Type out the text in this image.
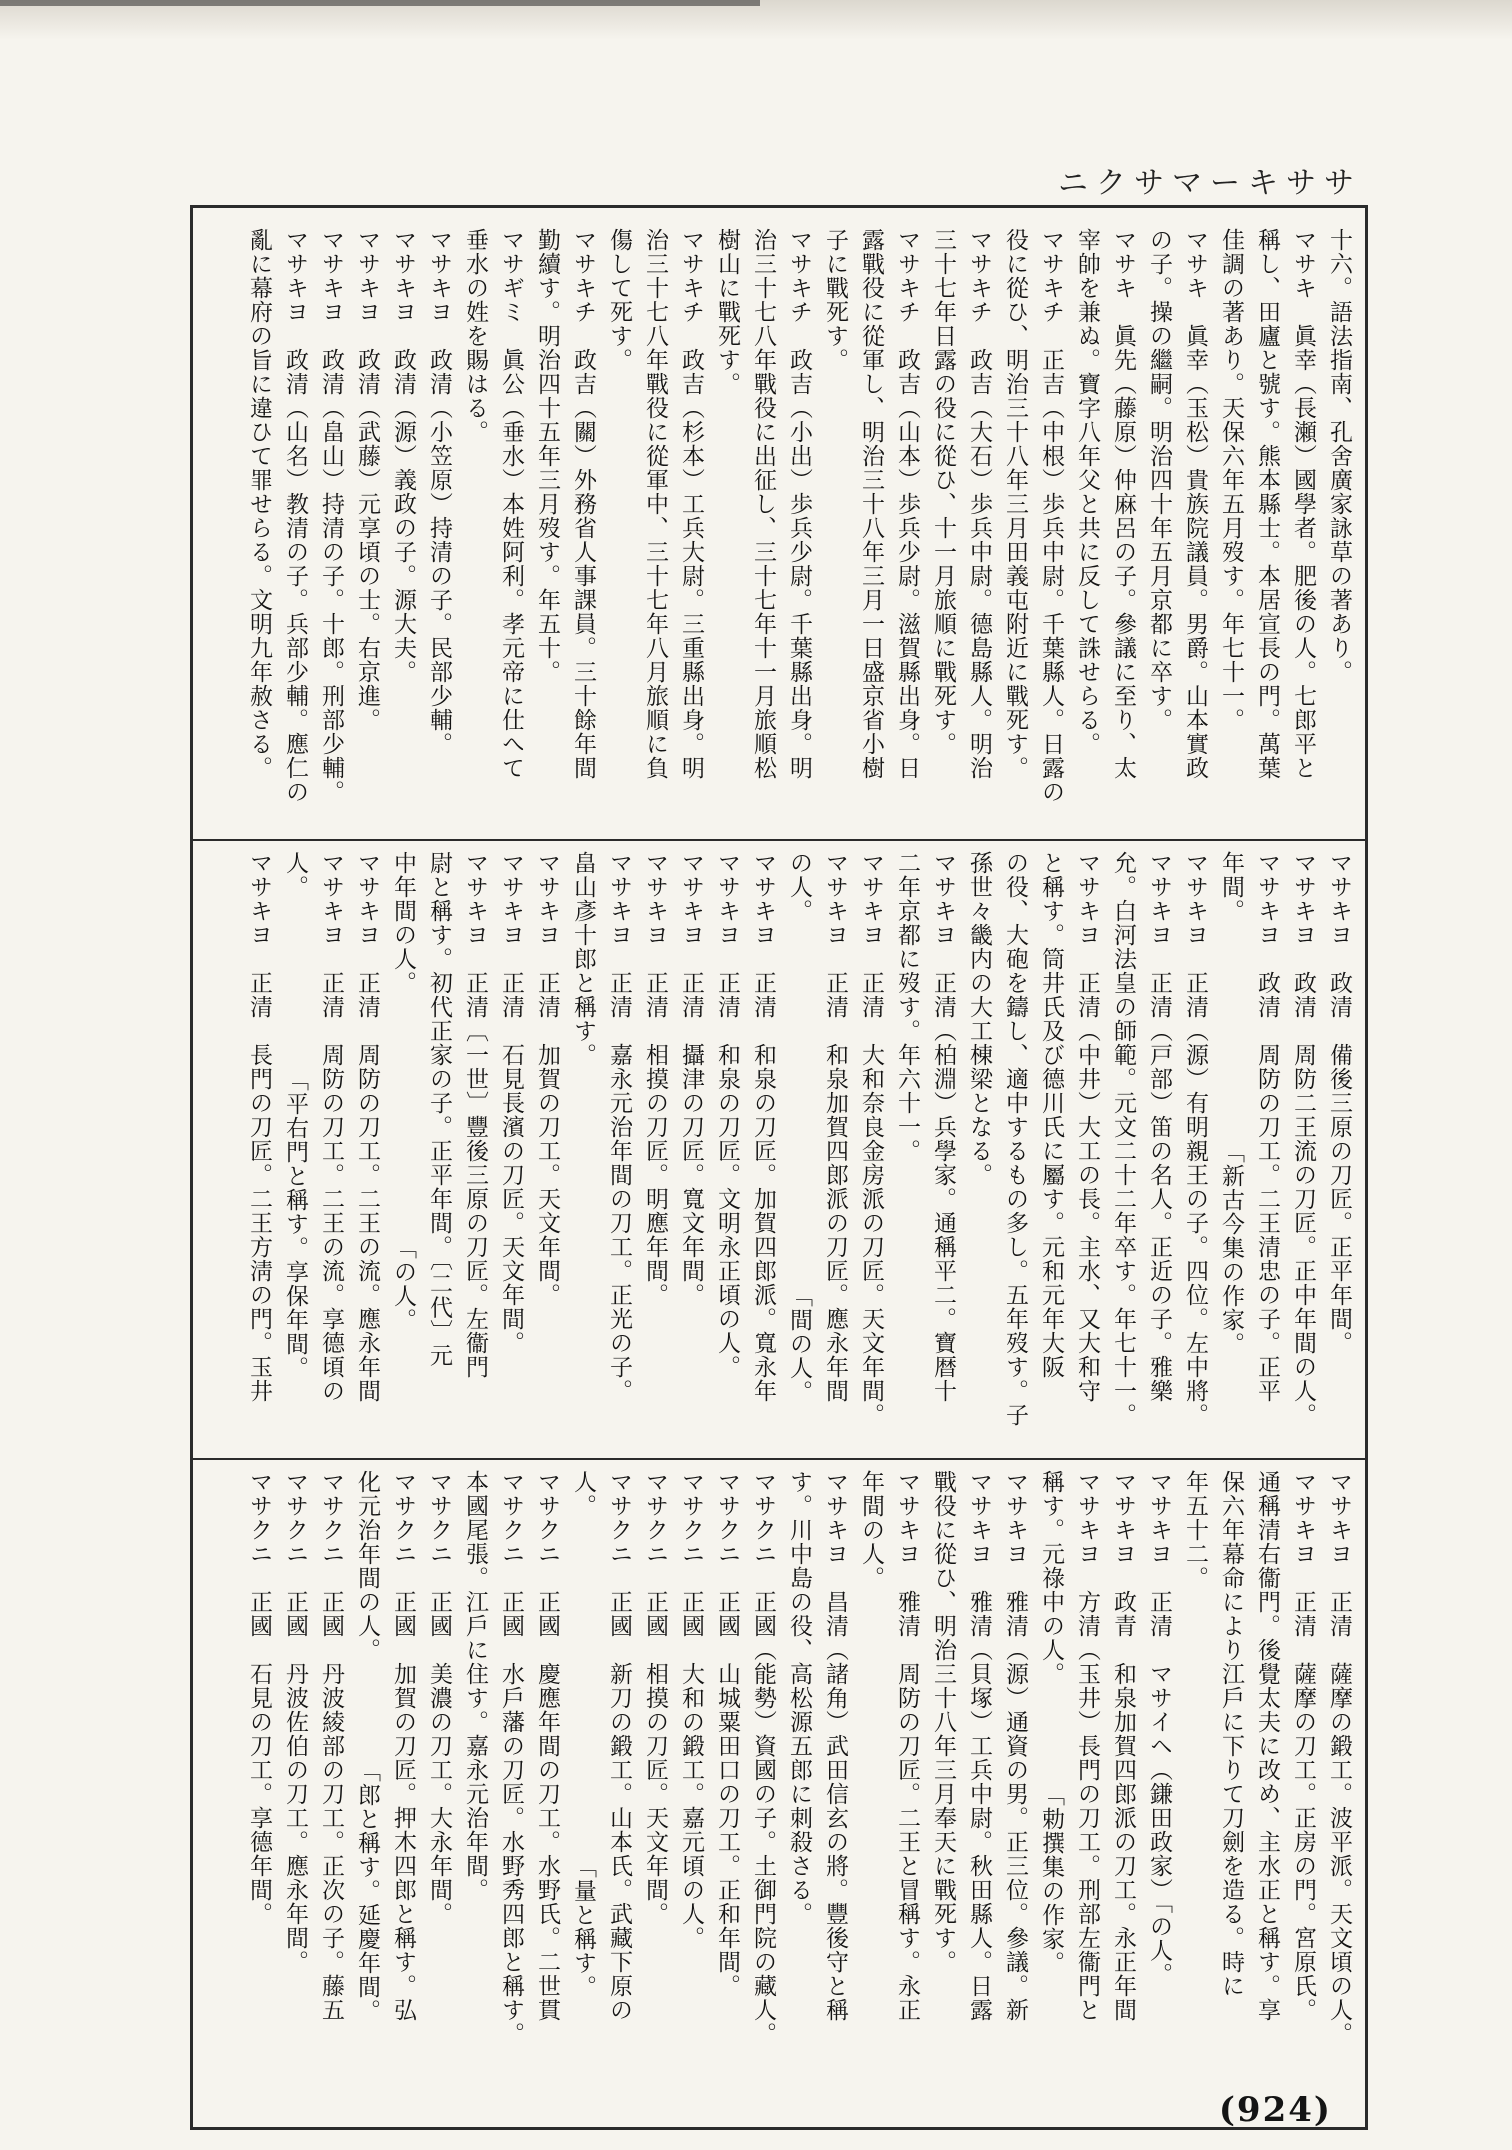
ニクサマーキササ
十六。語法指南、孔舍廣家詠草の著あり。
マサキ　眞幸（長瀬）國學者。肥後の人。七郎平と
稱し、田廬と號す。熊本縣士。本居宣長の門。萬葉
佳調の著あり。天保六年五月歿す。年七十一。
マサキ　眞幸（玉松）貴族院議員。男爵。山本實政
の子。操の繼嗣。明治四十年五月京都に卒す。
マサキ　眞先（藤原）仲麻呂の子。參議に至り、太
宰帥を兼ぬ。寶字八年父と共に反して誅せらる。
マサキチ　正吉（中根）歩兵中尉。千葉縣人。日露の
役に從ひ、明治三十八年三月田義屯附近に戰死す。
マサキチ　政吉（大石）歩兵中尉。德島縣人。明治
三十七年日露の役に從ひ、十一月旅順に戰死す。
マサキチ　政吉（山本）歩兵少尉。滋賀縣出身。日
露戰役に從軍し、明治三十八年三月一日盛京省小樹
子に戰死す。
マサキチ　政吉（小出）歩兵少尉。千葉縣出身。明
治三十七八年戰役に出征し、三十七年十一月旅順松
樹山に戰死す。
マサキチ　政吉（杉本）工兵大尉。三重縣出身。明
治三十七八年戰役に從軍中、三十七年八月旅順に負
傷して死す。
マサキチ　政吉（關）外務省人事課員。三十餘年間
勤續す。明治四十五年三月歿す。年五十。
マサギミ　眞公（垂水）本姓阿利。孝元帝に仕へて
垂水の姓を賜はる。
マサキヨ　政清（小笠原）持清の子。民部少輔。
マサキヨ　政清（源）義政の子。源大夫。
マサキヨ　政清（武藤）元享頃の士。右京進。
マサキヨ　政清（畠山）持清の子。十郎。刑部少輔。
マサキヨ　政清（山名）教清の子。兵部少輔。應仁の
亂に幕府の旨に違ひて罪せらる。文明九年赦さる。
マサキヨ　政清　備後三原の刀匠。正平年間。
マサキヨ　政清　周防二王流の刀匠。正中年間の人。
マサキヨ　政清　周防の刀工。二王清忠の子。正平
年間。　　　　　　　　　　「新古今集の作家。
マサキヨ　正清（源）有明親王の子。四位。左中將。
マサキヨ　正清（戸部）笛の名人。正近の子。雅樂
允。白河法皇の師範。元文二十二年卒す。年七十一。
マサキヨ　正清（中井）大工の長。主水、又大和守
と稱す。筒井氏及び德川氏に屬す。元和元年大阪
の役、大砲を鑄し、適中するもの多し。五年歿す。子
孫世々畿内の大工棟梁となる。
マサキヨ　正清（柏淵）兵學家。通稱平二。寶暦十
二年京都に歿す。年六十一。
マサキヨ　正清　大和奈良金房派の刀匠。天文年間。
マサキヨ　正清　和泉加賀四郎派の刀匠。應永年間
の人。　　　　　　　　　　　　　　　　「間の人。
マサキヨ　正清　和泉の刀匠。加賀四郎派。寬永年
マサキヨ　正清　和泉の刀匠。文明永正頃の人。
マサキヨ　正清　攝津の刀匠。寬文年間。
マサキヨ　正清　相摸の刀匠。明應年間。
マサキヨ　正清　嘉永元治年間の刀工。正光の子。
畠山彥十郎と稱す。
マサキヨ　正清　加賀の刀工。天文年間。
マサキヨ　正清　石見長濱の刀匠。天文年間。
マサキヨ　正清〔一世〕豐後三原の刀匠。左衞門
尉と稱す。初代正家の子。正平年間。〔二代〕元
中年間の人。　　　　　　　　　　　「の人。
マサキヨ　正清　周防の刀工。二王の流。應永年間
マサキヨ　正清　周防の刀工。二王の流。享德頃の
人。　　　　　　　　「平右門と稱す。享保年間。
マサキヨ　正清　長門の刀匠。二王方淸の門。玉井
マサキヨ　正清　薩摩の鍛工。波平派。天文頃の人。
マサキヨ　正清　薩摩の刀工。正房の門。宮原氏。
通稱清右衞門。後覺太夫に改め、主水正と稱す。享
保六年幕命により江戶に下りて刀劍を造る。時に
年五十二。
マサキヨ　正清　マサイヘ（鎌田政家）「の人。
マサキヨ　政青　和泉加賀四郎派の刀工。永正年間
マサキヨ　方清（玉井）長門の刀工。刑部左衞門と
稱す。元祿中の人。　　　　　「勅撰集の作家。
マサキヨ　雅清（源）通資の男。正三位。參議。新
マサキヨ　雅清（貝塚）工兵中尉。秋田縣人。日露
戰役に從ひ、明治三十八年三月奉天に戰死す。
マサキヨ　雅清　周防の刀匠。二王と冒稱す。永正
年間の人。
マサキヨ　昌清（諸角）武田信玄の將。豐後守と稱
す。川中島の役、高松源五郎に刺殺さる。
マサクニ　正國（能勢）資國の子。土御門院の藏人。
マサクニ　正國　山城粟田口の刀工。正和年間。
マサクニ　正國　大和の鍛工。嘉元頃の人。
マサクニ　正國　相摸の刀匠。天文年間。
マサクニ　正國　新刀の鍛工。山本氏。武藏下原の
人。　　　　　　　　　　　　　　　「量と稱す。
マサクニ　正國　慶應年間の刀工。水野氏。二世貫
マサクニ　正國　水戶藩の刀匠。水野秀四郎と稱す。
本國尾張。江戶に住す。嘉永元治年間。
マサクニ　正國　美濃の刀工。大永年間。
マサクニ　正國　加賀の刀匠。押木四郎と稱す。弘
化元治年間の人。　　　　　「郎と稱す。延慶年間。
マサクニ　正國　丹波綾部の刀工。正次の子。藤五
マサクニ　正國　丹波佐伯の刀工。應永年間。
マサクニ　正國　石見の刀工。享德年間。
(924)
